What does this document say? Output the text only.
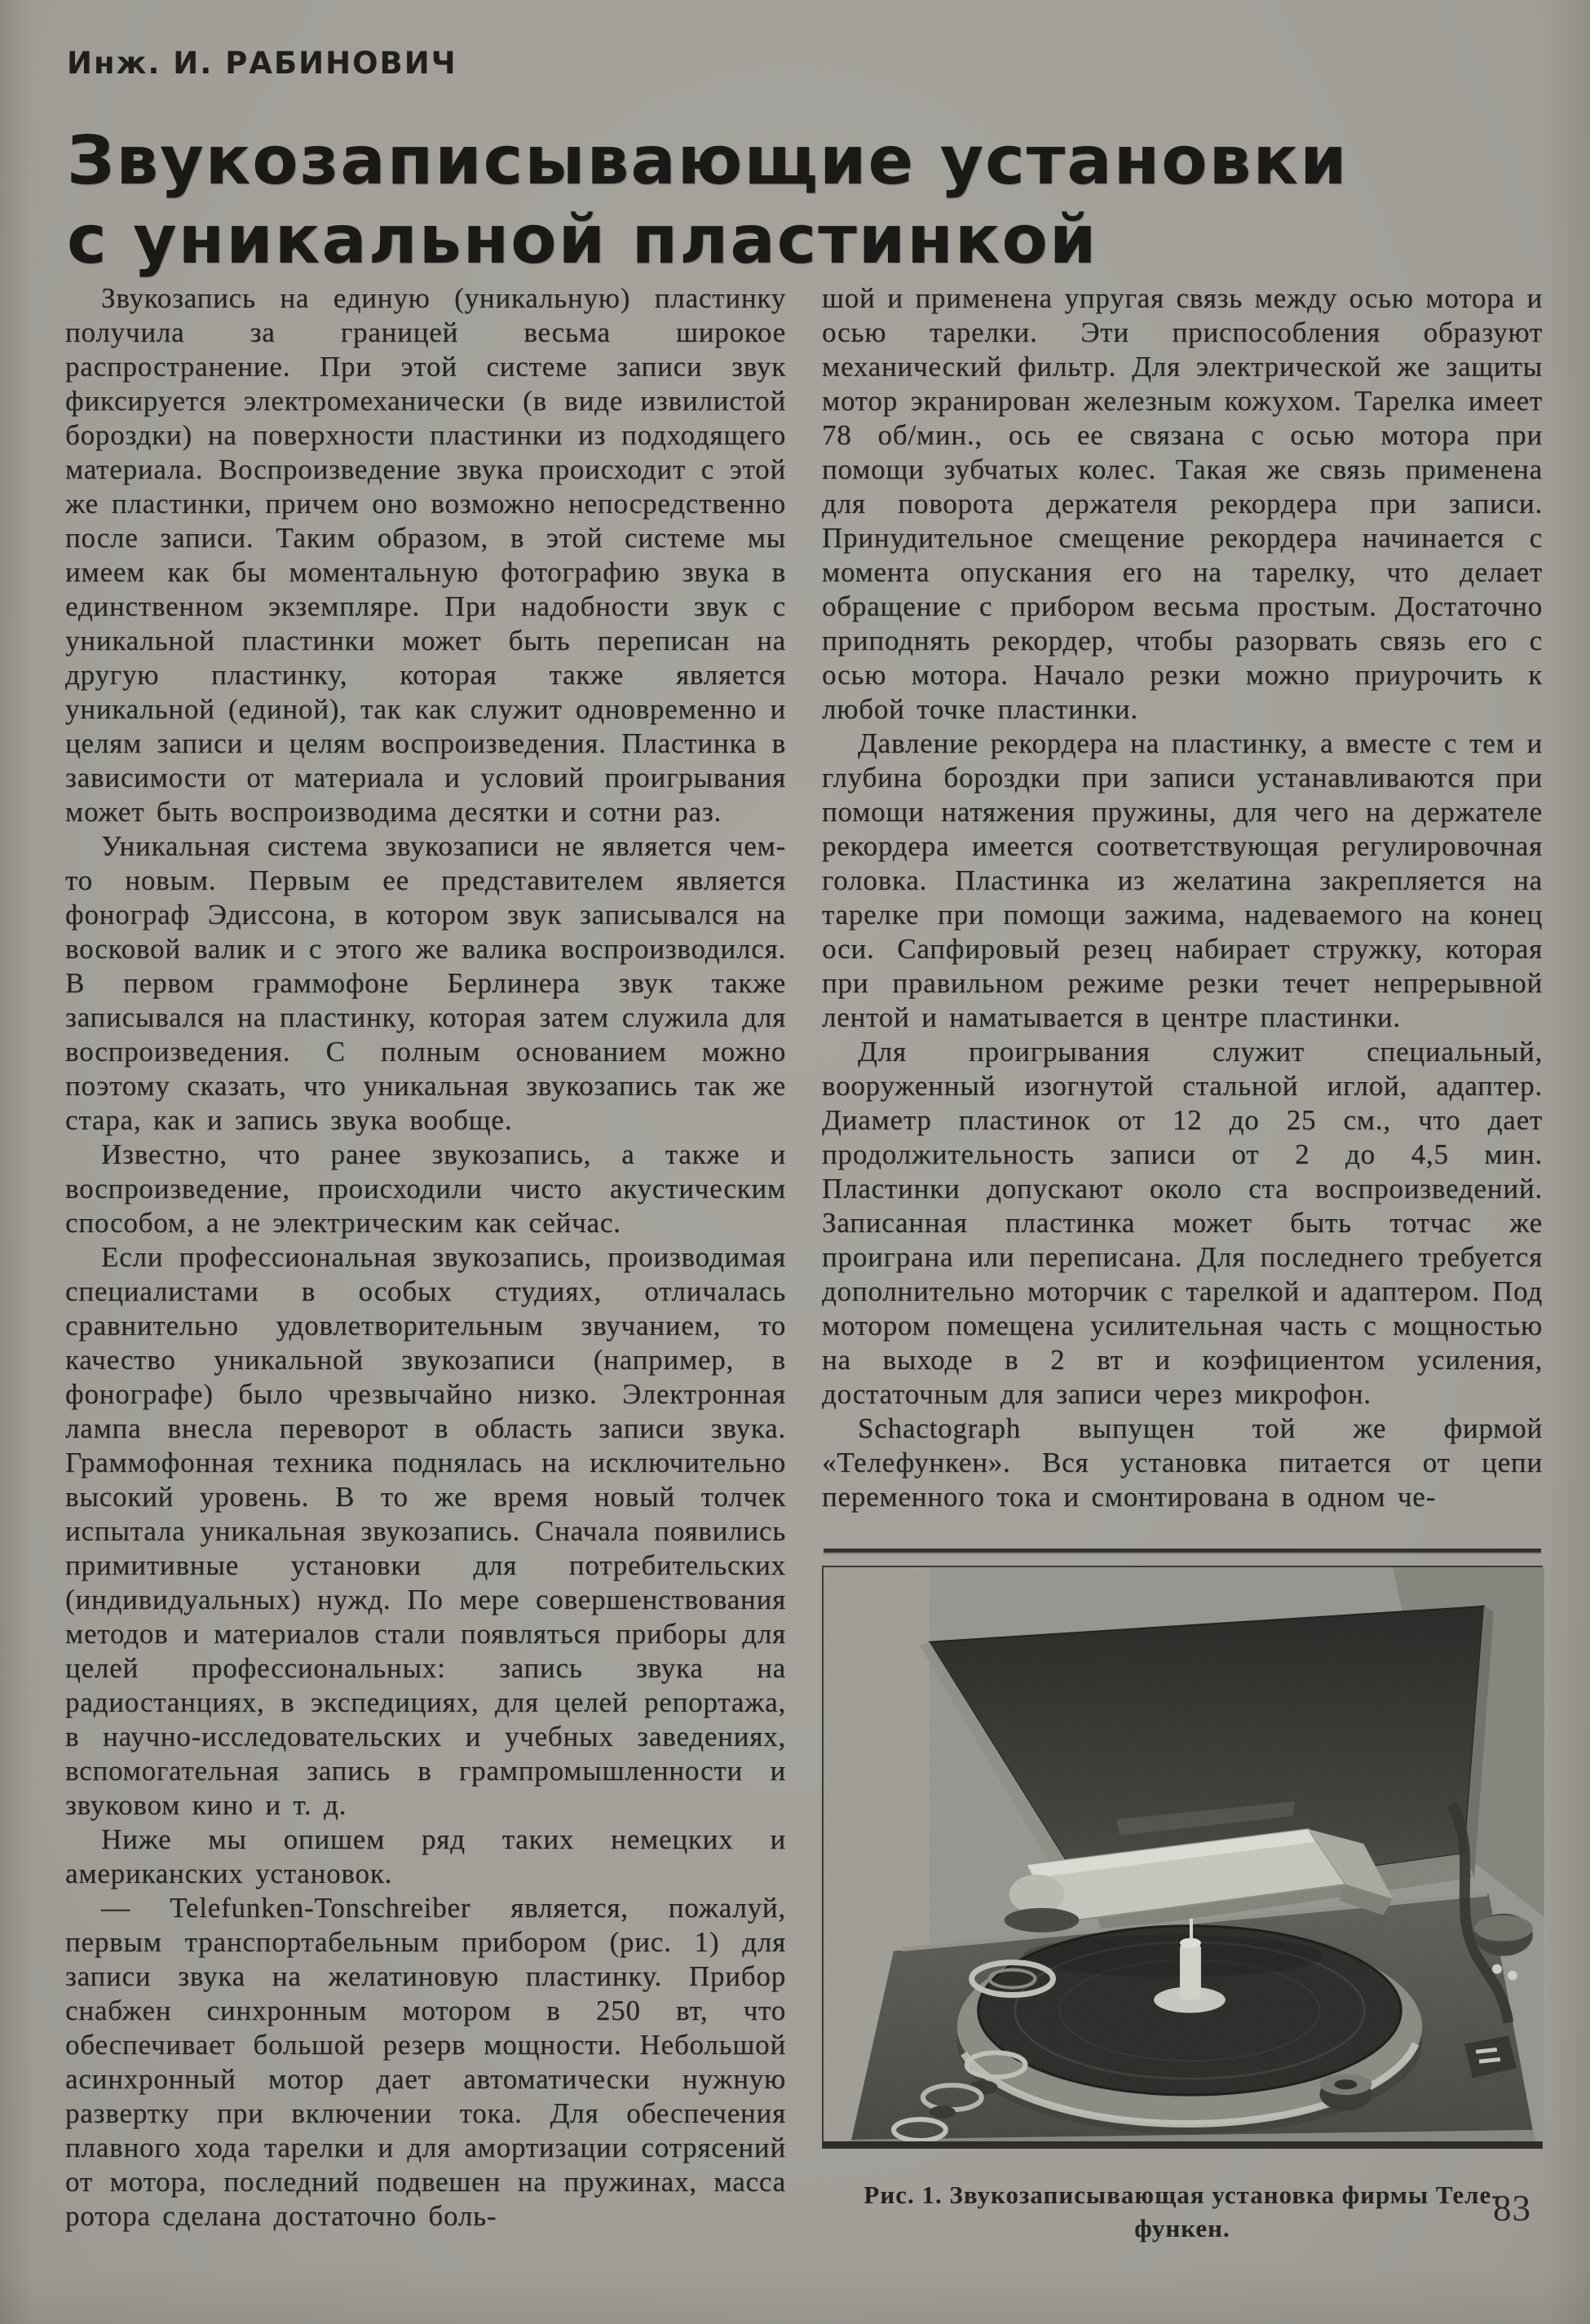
Инж. И. РАБИНОВИЧ
Звукозаписывающие установки
с уникальной пластинкой

Звукозапись на единую (уникальную) пластинку получила за границей весьма широкое распространение. При этой системе записи звук фиксируется электромеханически (в виде извилистой бороздки) на поверхности пластинки из подходящего материала. Воспроизведение звука происходит с этой же пластинки, причем оно возможно непосредственно после записи. Таким образом, в этой системе мы имеем как бы моментальную фотографию звука в единственном экземпляре. При надобности звук с уникальной пластинки может быть переписан на другую пластинку, которая также является уникальной (единой), так как служит одновременно и целям записи и целям воспроизведения. Пластинка в зависимости от материала и условий проигрывания может быть воспроизводима десятки и сотни раз.

Уникальная система звукозаписи не является чем-то новым. Первым ее представителем является фонограф Эдиссона, в котором звук записывался на восковой валик и с этого же валика воспроизводился. В первом граммофоне Берлинера звук также записывался на пластинку, которая затем служила для воспроизведения. С полным основанием можно поэтому сказать, что уникальная звукозапись так же стара, как и запись звука вообще.

Известно, что ранее звукозапись, а также и воспроизведение, происходили чисто акустическим способом, а не электрическим как сейчас.

Если профессиональная звукозапись, производимая специалистами в особых студиях, отличалась сравнительно удовлетворительным звучанием, то качество уникальной звукозаписи (например, в фонографе) было чрезвычайно низко. Электронная лампа внесла переворот в область записи звука. Граммофонная техника поднялась на исключительно высокий уровень. В то же время новый толчек испытала уникальная звукозапись. Сначала появились примитивные установки для потребительских (индивидуальных) нужд. По мере совершенствования методов и материалов стали появляться приборы для целей профессиональных: запись звука на радиостанциях, в экспедициях, для целей репортажа, в научно-исследовательских и учебных заведениях, вспомогательная запись в грампромышленности и звуковом кино и т. д.

Ниже мы опишем ряд таких немецких и американских установок.

— Telefunken-Tonschreiber является, пожалуй, первым транспортабельным прибором (рис. 1) для записи звука на желатиновую пластинку. Прибор снабжен синхронным мотором в 250 вт, что обеспечивает большой резерв мощности. Небольшой асинхронный мотор дает автоматически нужную развертку при включении тока. Для обеспечения плавного хода тарелки и для амортизации сотрясений от мотора, последний подвешен на пружинах, масса ротора сделана достаточно боль-

шой и применена упругая связь между осью мотора и осью тарелки. Эти приспособления образуют механический фильтр. Для электрической же защиты мотор экранирован железным кожухом. Тарелка имеет 78 об/мин., ось ее связана с осью мотора при помощи зубчатых колес. Такая же связь применена для поворота держателя рекордера при записи. Принудительное смещение рекордера начинается с момента опускания его на тарелку, что делает обращение с прибором весьма простым. Достаточно приподнять рекордер, чтобы разорвать связь его с осью мотора. Начало резки можно приурочить к любой точке пластинки.

Давление рекордера на пластинку, а вместе с тем и глубина бороздки при записи устанавливаются при помощи натяжения пружины, для чего на держателе рекордера имеется соответствующая регулировочная головка. Пластинка из желатина закрепляется на тарелке при помощи зажима, надеваемого на конец оси. Сапфировый резец набирает стружку, которая при правильном режиме резки течет непрерывной лентой и наматывается в центре пластинки.

Для проигрывания служит специальный, вооруженный изогнутой стальной иглой, адаптер. Диаметр пластинок от 12 до 25 см., что дает продолжительность записи от 2 до 4,5 мин. Пластинки допускают около ста воспроизведений. Записанная пластинка может быть тотчас же проиграна или переписана. Для последнего требуется дополнительно моторчик с тарелкой и адаптером. Под мотором помещена усилительная часть с мощностью на выходе в 2 вт и коэфициентом усиления, достаточным для записи через микрофон.

Schactograph выпущен той же фирмой «Телефункен». Вся установка питается от цепи переменного тока и смонтирована в одном че-

Рис. 1. Звукозаписывающая установка фирмы Теле-
функен.	83
